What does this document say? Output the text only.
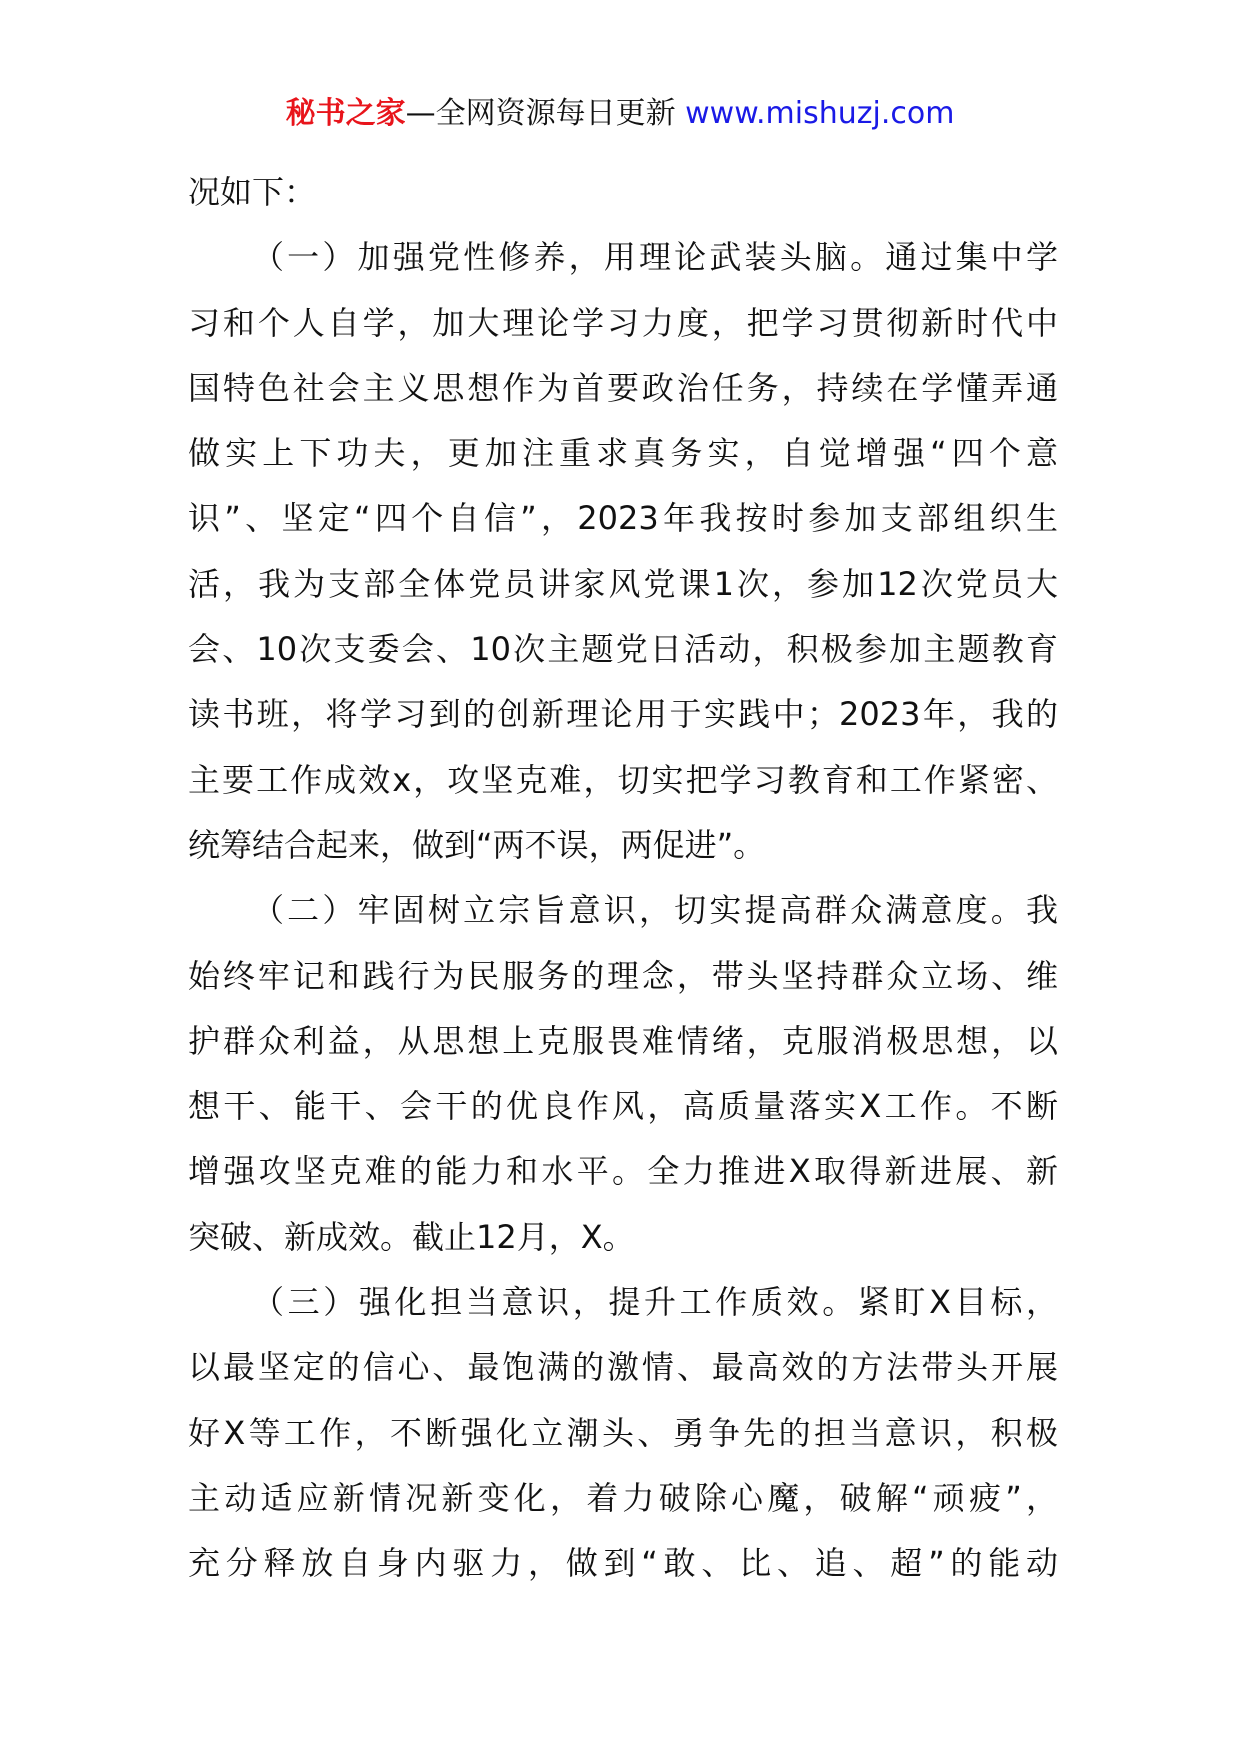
秘书之家—全网资源每日更新 www.mishuzj.com
况如下：
（一）加强党性修养，用理论武装头脑。通过集中学
习和个人自学，加大理论学习力度，把学习贯彻新时代中
国特色社会主义思想作为首要政治任务，持续在学懂弄通
做实上下功夫，更加注重求真务实，自觉增强“四个意
识”、坚定“四个自信”，2023年我按时参加支部组织生
活，我为支部全体党员讲家风党课1次，参加12次党员大
会、10次支委会、10次主题党日活动，积极参加主题教育
读书班，将学习到的创新理论用于实践中；2023年，我的
主要工作成效x，攻坚克难，切实把学习教育和工作紧密、
统筹结合起来，做到“两不误，两促进”。
（二）牢固树立宗旨意识，切实提高群众满意度。我
始终牢记和践行为民服务的理念，带头坚持群众立场、维
护群众利益，从思想上克服畏难情绪，克服消极思想，以
想干、能干、会干的优良作风，高质量落实X工作。不断
增强攻坚克难的能力和水平。全力推进X取得新进展、新
突破、新成效。截止12月，X。
（三）强化担当意识，提升工作质效。紧盯X目标，
以最坚定的信心、最饱满的激情、最高效的方法带头开展
好X等工作，不断强化立潮头、勇争先的担当意识，积极
主动适应新情况新变化，着力破除心魔，破解“顽疲”，
充分释放自身内驱力，做到“敢、比、追、超”的能动
